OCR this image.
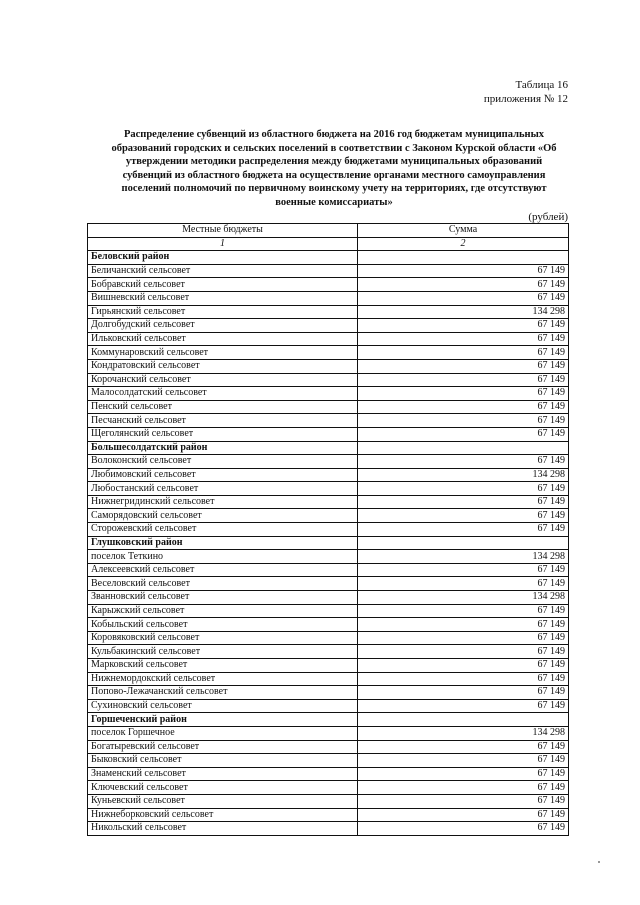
Таблица 16
приложения № 12
Распределение субвенций из областного бюджета на 2016 год бюджетам муниципальных образований городских и сельских поселений в соответствии с Законом Курской области «Об утверждении методики распределения между бюджетами муниципальных образований субвенций из областного бюджета на осуществление органами местного самоуправления поселений полномочий по первичному воинскому учету на территориях, где отсутствуют военные комиссариаты»
(рублей)
Местные бюджеты	Сумма
1	2
Беловский район	
Беличанский сельсовет	67 149
Бобравский сельсовет	67 149
Вишневский сельсовет	67 149
Гирьянский сельсовет	134 298
Долгобудский сельсовет	67 149
Ильковский сельсовет	67 149
Коммунаровский сельсовет	67 149
Кондратовский сельсовет	67 149
Корочанский сельсовет	67 149
Малосолдатский сельсовет	67 149
Пенский сельсовет	67 149
Песчанский сельсовет	67 149
Щеголянский сельсовет	67 149
Большесолдатский район	
Волоконский сельсовет	67 149
Любимовский сельсовет	134 298
Любостанский сельсовет	67 149
Нижнегридинский сельсовет	67 149
Саморядовский сельсовет	67 149
Сторожевский сельсовет	67 149
Глушковский район	
поселок Теткино	134 298
Алексеевский сельсовет	67 149
Веселовский сельсовет	67 149
Званновский сельсовет	134 298
Карыжский сельсовет	67 149
Кобыльский сельсовет	67 149
Коровяковский сельсовет	67 149
Кульбакинский сельсовет	67 149
Марковский сельсовет	67 149
Нижнемордокский сельсовет	67 149
Попово-Лежачанский сельсовет	67 149
Сухиновский сельсовет	67 149
Горшеченский район	
поселок Горшечное	134 298
Богатыревский сельсовет	67 149
Быковский сельсовет	67 149
Знаменский сельсовет	67 149
Ключевский сельсовет	67 149
Куньевский сельсовет	67 149
Нижнеборковский сельсовет	67 149
Никольский сельсовет	67 149
